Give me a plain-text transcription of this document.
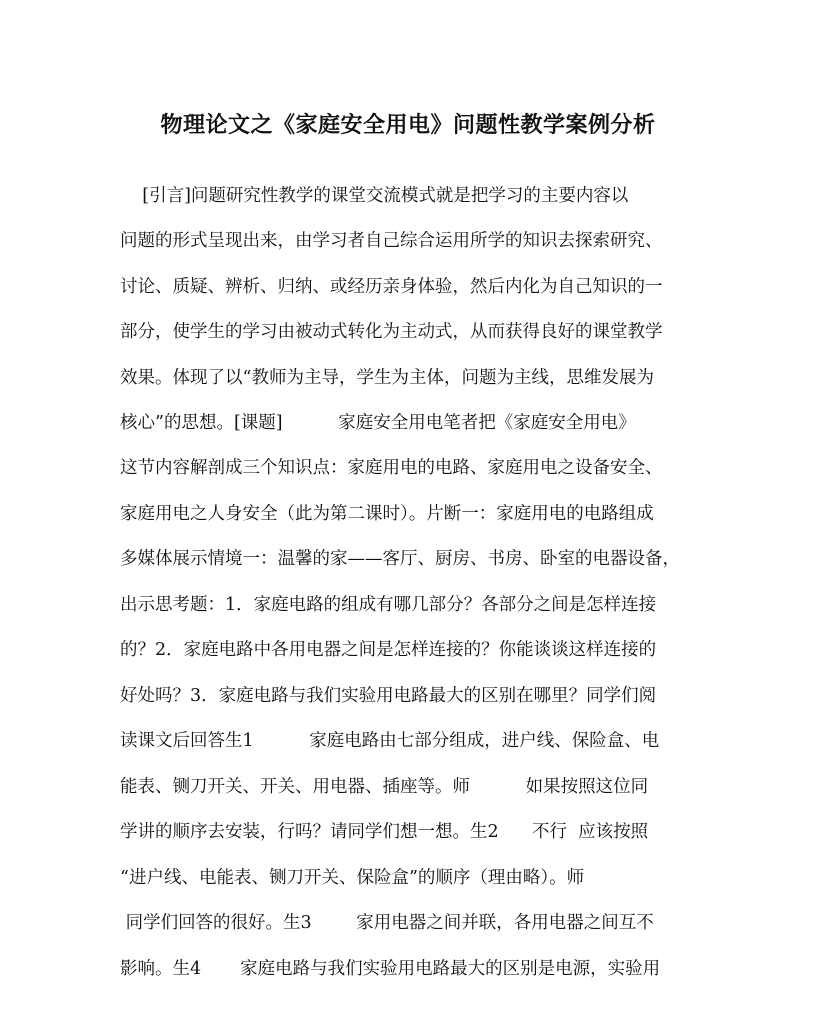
物理论文之《家庭安全用电》问题性教学案例分析
[引言]问题研究性教学的课堂交流模式就是把学习的主要内容以
问题的形式呈现出来，由学习者自己综合运用所学的知识去探索研究、
讨论、质疑、辨析、归纳、或经历亲身体验，然后内化为自己知识的一
部分，使学生的学习由被动式转化为主动式，从而获得良好的课堂教学
效果。体现了以“教师为主导，学生为主体，问题为主线，思维发展为
核心”的思想。[课题]          家庭安全用电笔者把《家庭安全用电》
这节内容解剖成三个知识点：家庭用电的电路、家庭用电之设备安全、
家庭用电之人身安全（此为第二课时）。片断一：家庭用电的电路组成
多媒体展示情境一：温馨的家——客厅、厨房、书房、卧室的电器设备，
出示思考题：1．家庭电路的组成有哪几部分？各部分之间是怎样连接
的？2．家庭电路中各用电器之间是怎样连接的？你能谈谈这样连接的
好处吗？3．家庭电路与我们实验用电路最大的区别在哪里？同学们阅
读课文后回答生1          家庭电路由七部分组成，进户线、保险盒、电
能表、铡刀开关、开关、用电器、插座等。师          如果按照这位同
学讲的顺序去安装，行吗？请同学们想一想。生2      不行  应该按照
“进户线、电能表、铡刀开关、保险盒”的顺序（理由略）。师
同学们回答的很好。生3        家用电器之间并联，各用电器之间互不
影响。生4       家庭电路与我们实验用电路最大的区别是电源，实验用
